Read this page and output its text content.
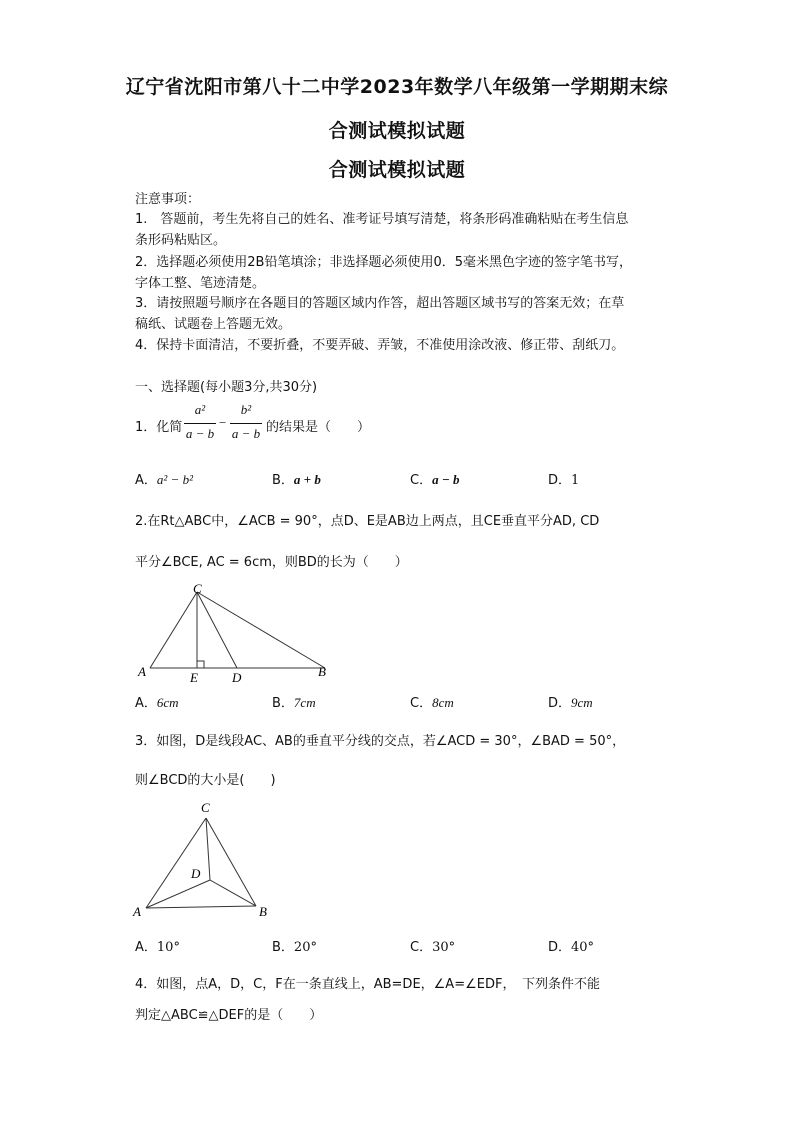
辽宁省沈阳市第八十二中学2023年数学八年级第一学期期末综
合测试模拟试题
合测试模拟试题
注意事项：
1.　答题前，考生先将自己的姓名、准考证号填写清楚，将条形码准确粘贴在考生信息
条形码粘贴区。
2．选择题必须使用2B铅笔填涂；非选择题必须使用0．5毫米黑色字迹的签字笔书写，
字体工整、笔迹清楚。
3．请按照题号顺序在各题目的答题区域内作答，超出答题区域书写的答案无效；在草
稿纸、试题卷上答题无效。
4．保持卡面清洁，不要折叠，不要弄破、弄皱，不准使用涂改液、修正带、刮纸刀。
一、选择题(每小题3分,共30分)
1．化简
a²
a − b
−
b²
a − b 的结果是（　　）
A．a² − b²	B．a + b	C．a − b	D．1
2.在Rt△ABC中，∠ACB = 90°，点D、E是AB边上两点，且CE垂直平分AD, CD
平分∠BCE, AC = 6cm，则BD的长为（　　）
C
A	E	D	B
A．6cm	B．7cm	C．8cm	D．9cm
3．如图，D是线段AC、AB的垂直平分线的交点，若∠ACD = 30°，∠BAD = 50°，
则∠BCD的大小是(　　)
C
D
A	B
A．10°	B．20°	C．30°	D．40°
4．如图，点A，D，C，F在一条直线上，AB=DE，∠A=∠EDF，　下列条件不能
判定△ABC≌△DEF的是（　　）
